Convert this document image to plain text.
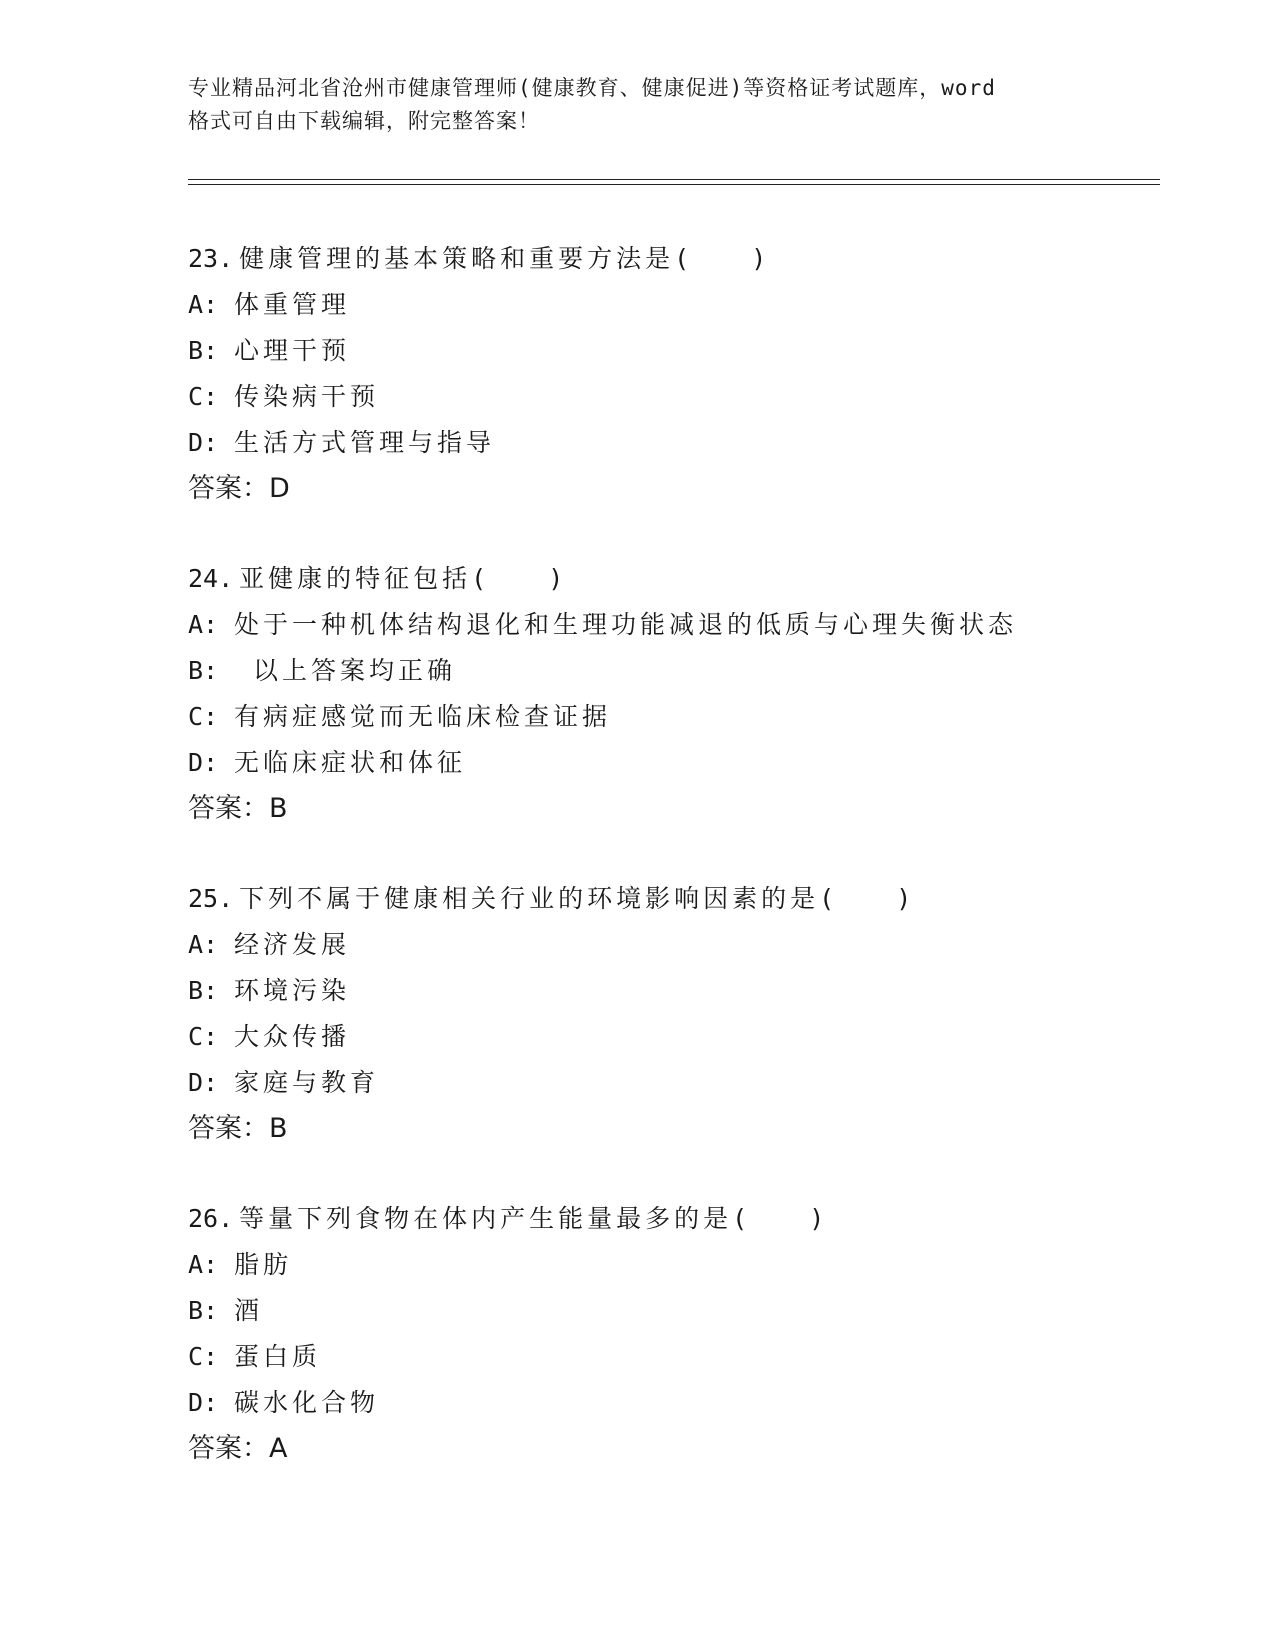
专业精品河北省沧州市健康管理师(健康教育、健康促进)等资格证考试题库，word
格式可自由下载编辑，附完整答案！
23. 健康管理的基本策略和重要方法是(　　)
A: 体重管理
B: 心理干预
C: 传染病干预
D: 生活方式管理与指导
答案：D
24. 亚健康的特征包括(　　)
A: 处于一种机体结构退化和生理功能减退的低质与心理失衡状态
B: 以上答案均正确
C: 有病症感觉而无临床检查证据
D: 无临床症状和体征
答案：B
25. 下列不属于健康相关行业的环境影响因素的是(　　)
A: 经济发展
B: 环境污染
C: 大众传播
D: 家庭与教育
答案：B
26. 等量下列食物在体内产生能量最多的是(　　)
A: 脂肪
B: 酒
C: 蛋白质
D: 碳水化合物
答案：A
